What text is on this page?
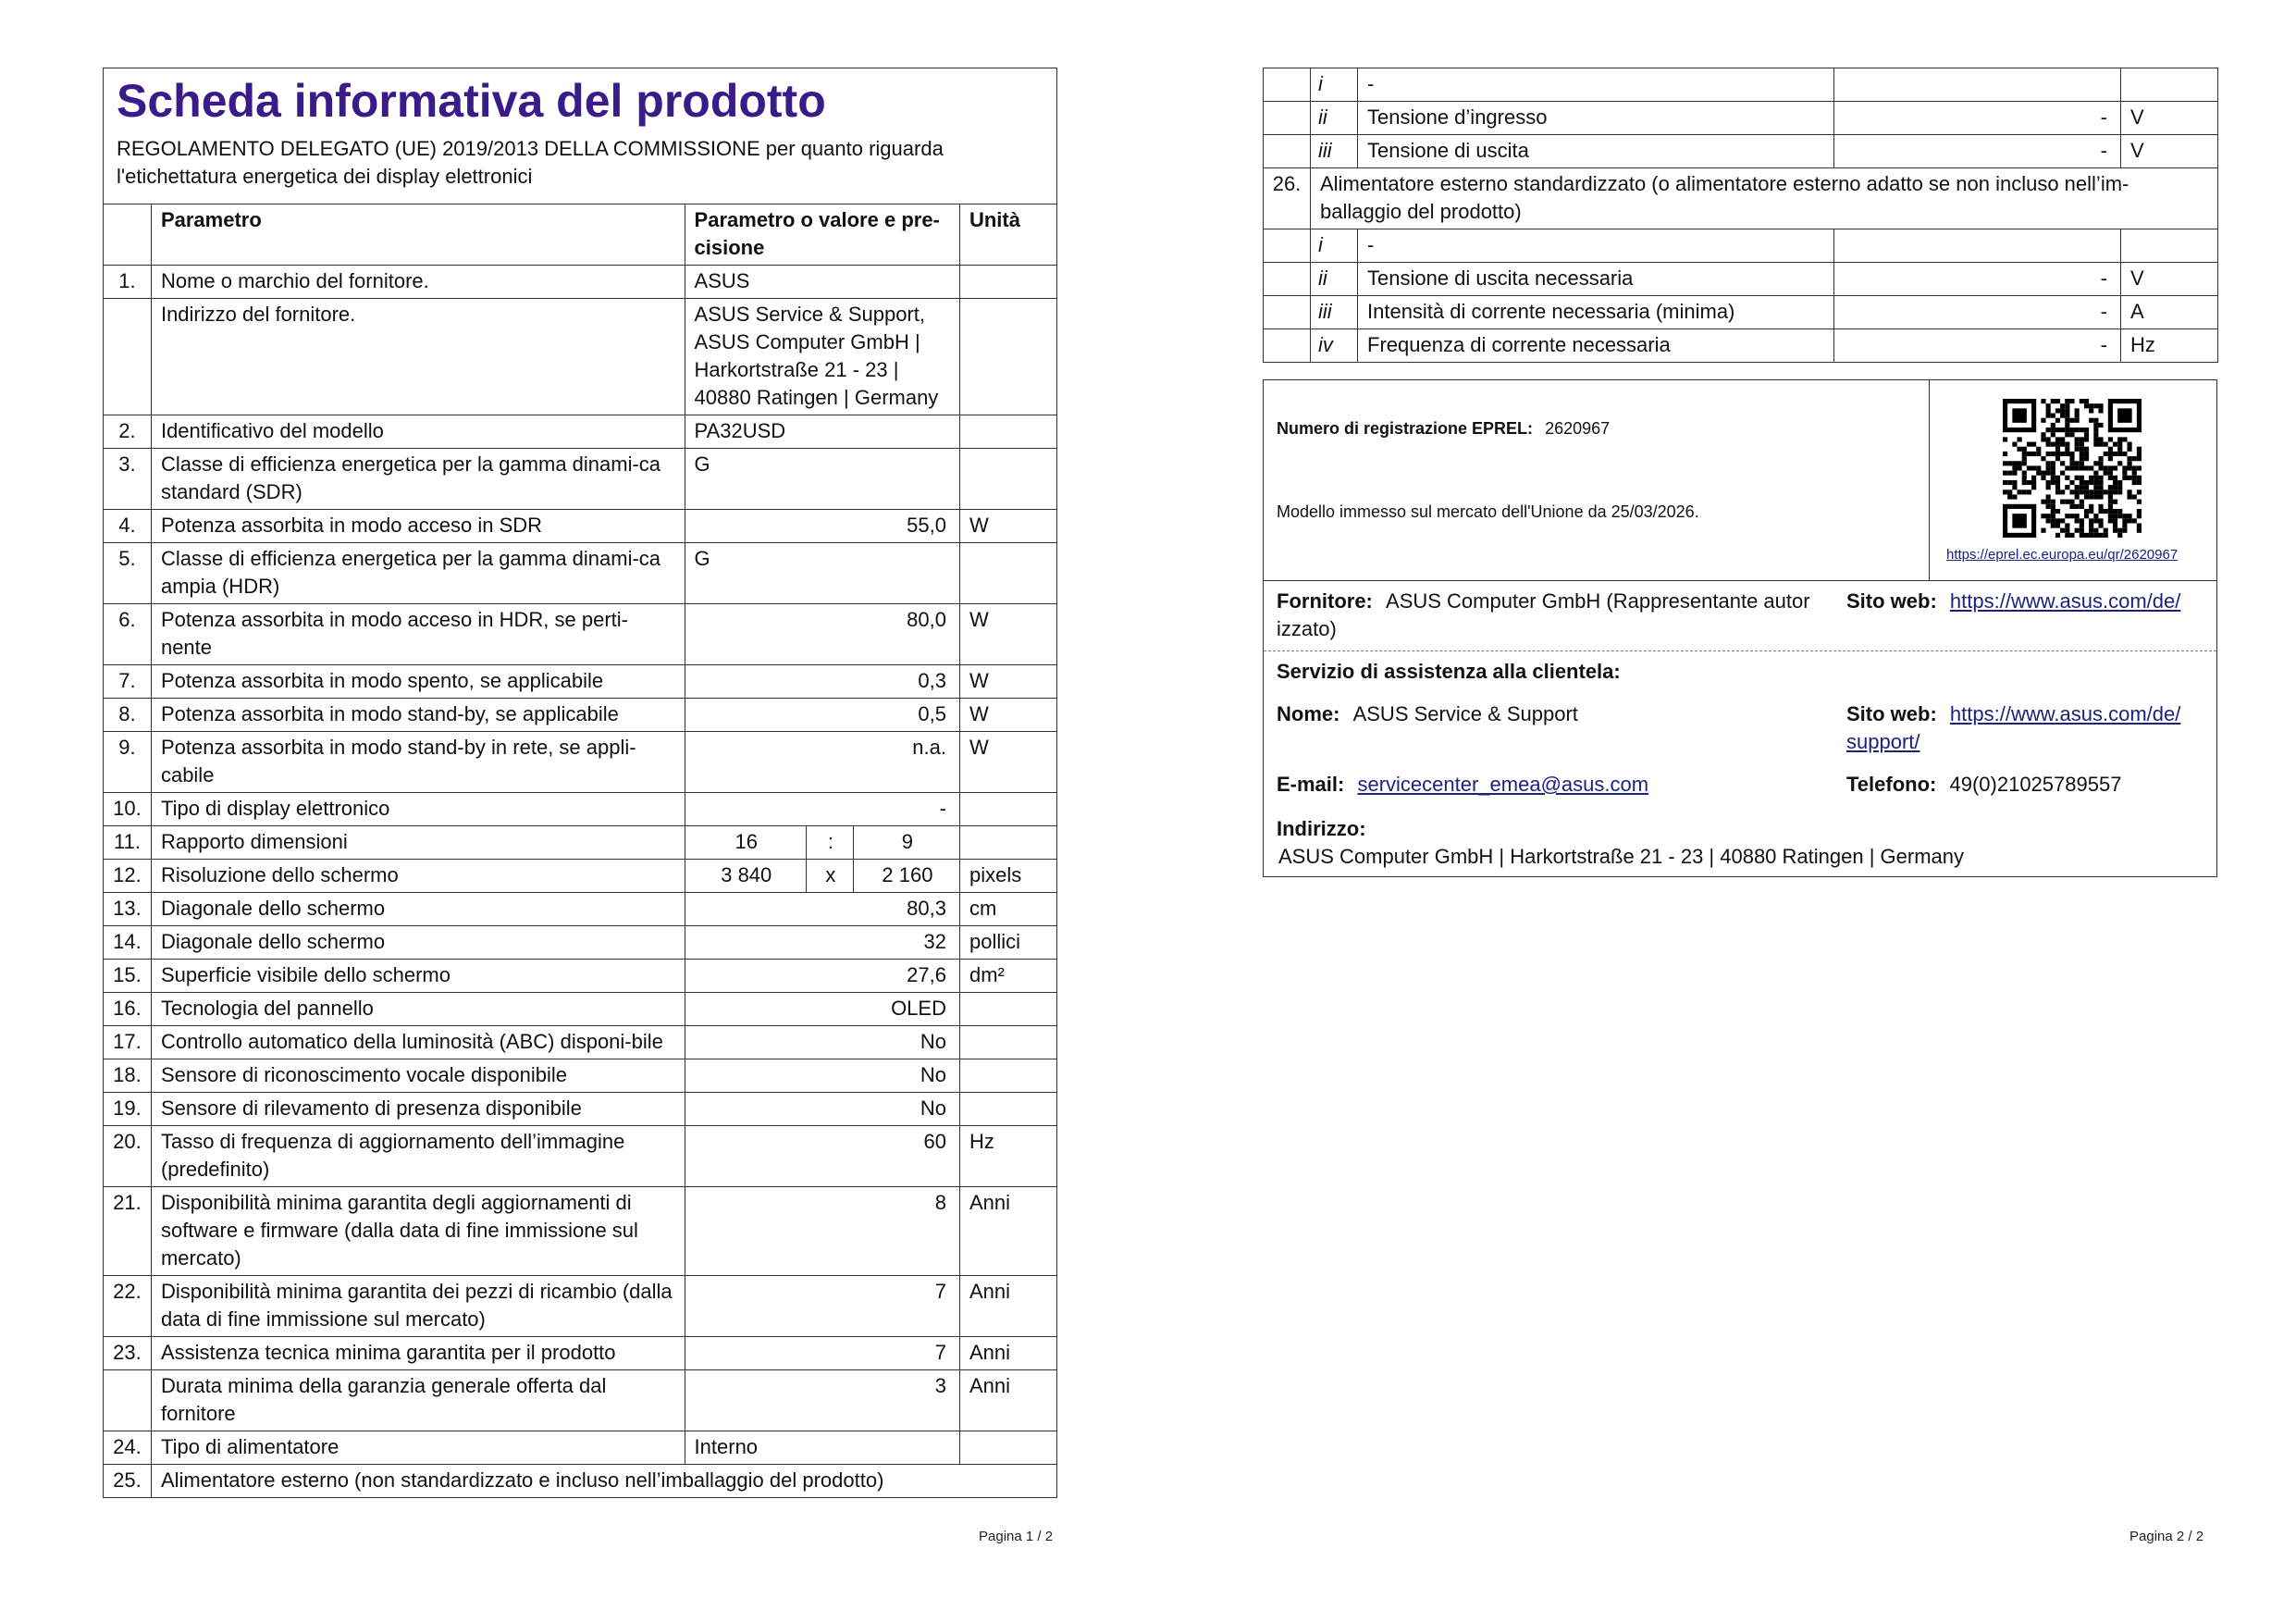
Scheda informativa del prodotto
REGOLAMENTO DELEGATO (UE) 2019/2013 DELLA COMMISSIONE per quanto riguarda l'etichettatura energetica dei display elettronici					

	Parametro	Parametro o valore e pre-cisione			Unità
1.	Nome o marchio del fornitore.	ASUS			
	Indirizzo del fornitore.	ASUS Service & Support, ASUS Computer GmbH | Harkortstraße 21 - 23 | 40880 Ratingen | Germany			
2.	Identificativo del modello	PA32USD			
3.	Classe di efficienza energetica per la gamma dinami-ca standard (SDR)	G			
4.	Potenza assorbita in modo acceso in SDR	55,0			W
5.	Classe di efficienza energetica per la gamma dinami-ca ampia (HDR)	G			
6.	Potenza assorbita in modo acceso in HDR, se perti-nente	80,0			W
7.	Potenza assorbita in modo spento, se applicabile	0,3			W
8.	Potenza assorbita in modo stand-by, se applicabile	0,5			W
9.	Potenza assorbita in modo stand-by in rete, se appli-cabile	n.a.			W
10.	Tipo di display elettronico	-			
11.	Rapporto dimensioni	16	:	9	
12.	Risoluzione dello schermo	3 840	x	2 160	pixels
13.	Diagonale dello schermo	80,3			cm
14.	Diagonale dello schermo	32			pollici
15.	Superficie visibile dello schermo	27,6			dm²
16.	Tecnologia del pannello	OLED			
17.	Controllo automatico della luminosità (ABC) disponi-bile	No			
18.	Sensore di riconoscimento vocale disponibile	No			
19.	Sensore di rilevamento di presenza disponibile	No			
20.	Tasso di frequenza di aggiornamento dell’immagine (predefinito)	60			Hz
21.	Disponibilità minima garantita degli aggiornamenti di software e firmware (dalla data di fine immissione sul mercato)	8			Anni
22.	Disponibilità minima garantita dei pezzi di ricambio (dalla data di fine immissione sul mercato)	7			Anni
23.	Assistenza tecnica minima garantita per il prodotto	7			Anni
	Durata minima della garanzia generale offerta dal fornitore	3			Anni
24.	Tipo di alimentatore	Interno			
25.	Alimentatore esterno (non standardizzato e incluso nell’imballaggio del prodotto)				
Pagina 1 / 2
	i	-		
	ii	Tensione d’ingresso	-	V
	iii	Tensione di uscita	-	V
26.	Alimentatore esterno standardizzato (o alimentatore esterno adatto se non incluso nell’im-ballaggio del prodotto)			
	i	-		
	ii	Tensione di uscita necessaria	-	V
	iii	Intensità di corrente necessaria (minima)	-	A
	iv	Frequenza di corrente necessaria	-	Hz
Numero di registrazione EPREL: 2620967
Modello immesso sul mercato dell'Unione da 25/03/2026.
https://eprel.ec.europa.eu/qr/2620967
Fornitore: ASUS Computer GmbH (Rappresentante autor izzato)
Sito web: https://www.asus.com/de/
Servizio di assistenza alla clientela:
Nome: ASUS Service & Support	Sito web: https://www.asus.com/de/ support/
E-mail: servicecenter_emea@asus.com	Telefono: 49(0)21025789557
Indirizzo:
ASUS Computer GmbH | Harkortstraße 21 - 23 | 40880 Ratingen | Germany
Pagina 2 / 2
